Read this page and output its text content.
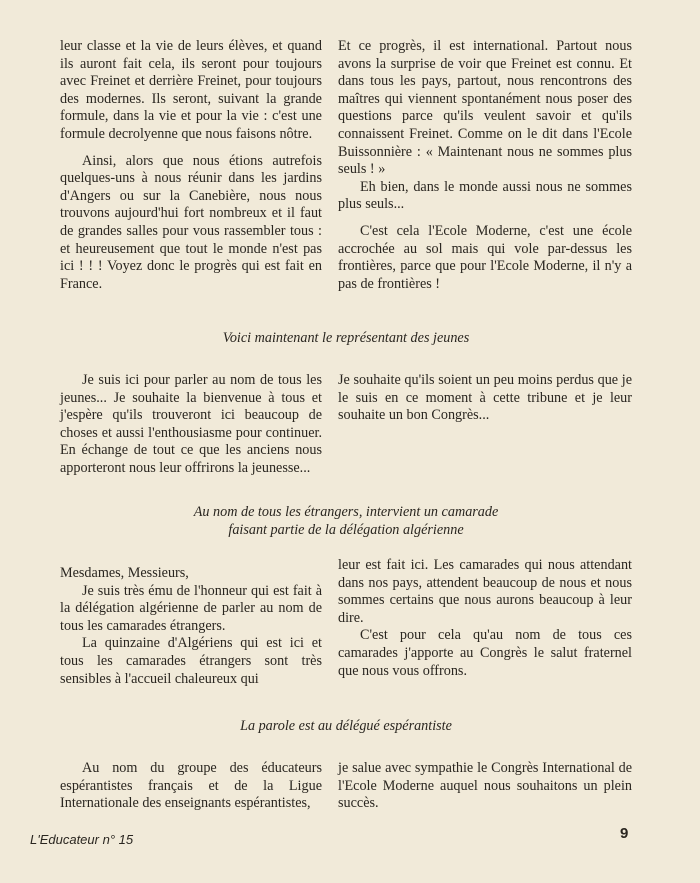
leur classe et la vie de leurs élèves, et quand ils auront fait cela, ils seront pour toujours avec Freinet et derrière Freinet, pour toujours des modernes. Ils seront, suivant la grande formule, dans la vie et pour la vie : c'est une formule decrolyenne que nous faisons nôtre.

Ainsi, alors que nous étions autrefois quelques-uns à nous réunir dans les jardins d'Angers ou sur la Canebière, nous nous trouvons aujourd'hui fort nombreux et il faut de grandes salles pour vous rassembler tous : et heureusement que tout le monde n'est pas ici ! ! ! Voyez donc le progrès qui est fait en France.

Et ce progrès, il est international. Partout nous avons la surprise de voir que Freinet est connu. Et dans tous les pays, partout, nous rencontrons des maîtres qui viennent spontanément nous poser des questions parce qu'ils veulent savoir et qu'ils connaissent Freinet. Comme on le dit dans l'Ecole Buissonnière : « Maintenant nous ne sommes plus seuls ! »

Eh bien, dans le monde aussi nous ne sommes plus seuls...

C'est cela l'Ecole Moderne, c'est une école accrochée au sol mais qui vole par-dessus les frontières, parce que pour l'Ecole Moderne, il n'y a pas de frontières !

Voici maintenant le représentant des jeunes

Je suis ici pour parler au nom de tous les jeunes... Je souhaite la bienvenue à tous et j'espère qu'ils trouveront ici beaucoup de choses et aussi l'enthousiasme pour continuer. En échange de tout ce que les anciens nous apporteront nous leur offrirons la jeunesse...

Je souhaite qu'ils soient un peu moins perdus que je le suis en ce moment à cette tribune et je leur souhaite un bon Congrès...

Au nom de tous les étrangers, intervient un camarade
faisant partie de la délégation algérienne

Mesdames, Messieurs,

Je suis très ému de l'honneur qui est fait à la délégation algérienne de parler au nom de tous les camarades étrangers.

La quinzaine d'Algériens qui est ici et tous les camarades étrangers sont très sensibles à l'accueil chaleureux qui

leur est fait ici. Les camarades qui nous attendant dans nos pays, attendent beaucoup de nous et nous sommes certains que nous aurons beaucoup à leur dire.

C'est pour cela qu'au nom de tous ces camarades j'apporte au Congrès le salut fraternel que nous vous offrons.

La parole est au délégué espérantiste

Au nom du groupe des éducateurs espérantistes français et de la Ligue Internationale des enseignants espérantistes,

je salue avec sympathie le Congrès International de l'Ecole Moderne auquel nous souhaitons un plein succès.

L'Educateur n° 15	9
